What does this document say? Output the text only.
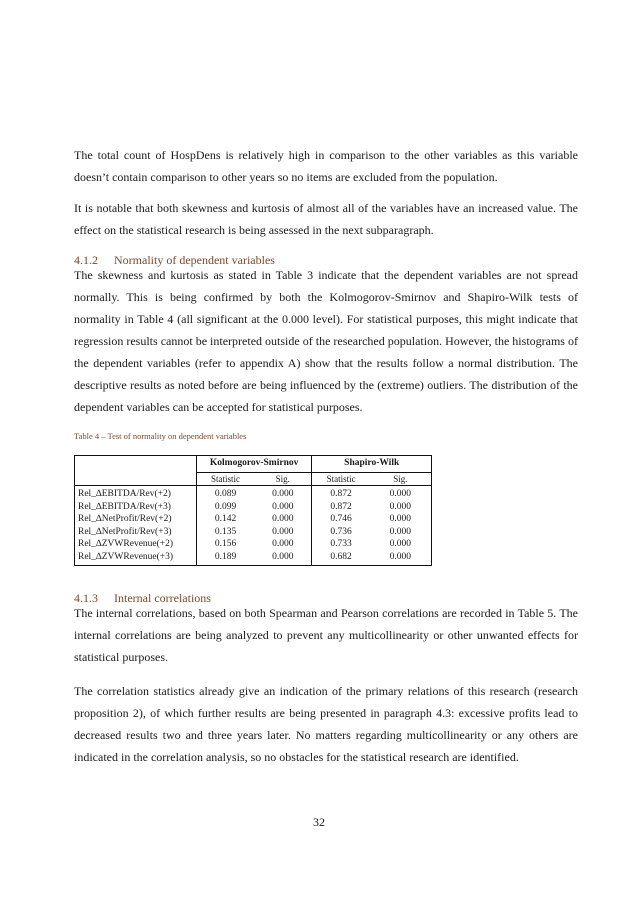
The total count of HospDens is relatively high in comparison to the other variables as this variable doesn’t contain comparison to other years so no items are excluded from the population.

It is notable that both skewness and kurtosis of almost all of the variables have an increased value. The effect on the statistical research is being assessed in the next subparagraph.

4.1.2 Normality of dependent variables

The skewness and kurtosis as stated in Table 3 indicate that the dependent variables are not spread normally. This is being confirmed by both the Kolmogorov-Smirnov and Shapiro-Wilk tests of normality in Table 4 (all significant at the 0.000 level). For statistical purposes, this might indicate that regression results cannot be interpreted outside of the researched population. However, the histograms of the dependent variables (refer to appendix A) show that the results follow a normal distribution. The descriptive results as noted before are being influenced by the (extreme) outliers. The distribution of the dependent variables can be accepted for statistical purposes.

Table 4 – Test of normality on dependent variables

	Kolmogorov-Smirnov		Shapiro-Wilk	
	Statistic	Sig.	Statistic	Sig.
Rel_∆EBITDA/Rev(+2)	0.089	0.000	0.872	0.000
Rel_∆EBITDA/Rev(+3)	0.099	0.000	0.872	0.000
Rel_∆NetProfit/Rev(+2)	0.142	0.000	0.746	0.000
Rel_∆NetProfit/Rev(+3)	0.135	0.000	0.736	0.000
Rel_∆ZVWRevenue(+2)	0.156	0.000	0.733	0.000
Rel_∆ZVWRevenue(+3)	0.189	0.000	0.682	0.000
4.1.3 Internal correlations

The internal correlations, based on both Spearman and Pearson correlations are recorded in Table 5. The internal correlations are being analyzed to prevent any multicollinearity or other unwanted effects for statistical purposes.

The correlation statistics already give an indication of the primary relations of this research (research proposition 2), of which further results are being presented in paragraph 4.3: excessive profits lead to decreased results two and three years later. No matters regarding multicollinearity or any others are indicated in the correlation analysis, so no obstacles for the statistical research are identified.

32
